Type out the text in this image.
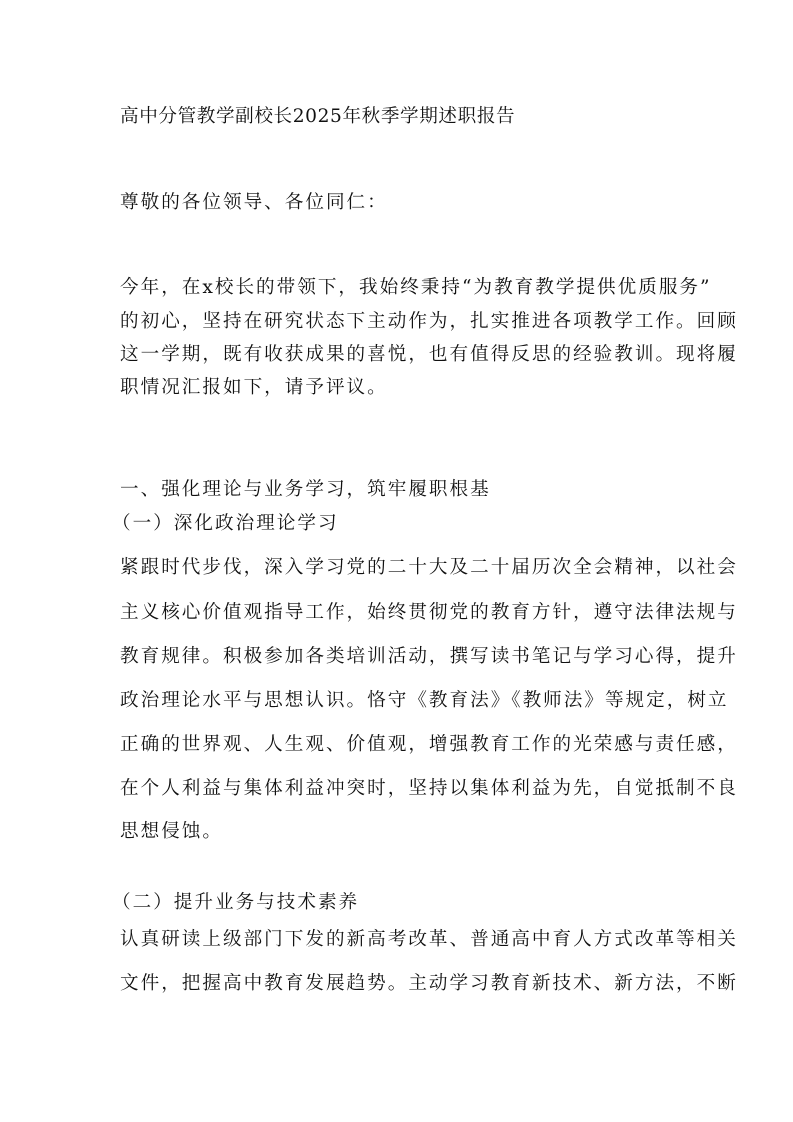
高中分管教学副校长2025年秋季学期述职报告
尊敬的各位领导、各位同仁：
今年，在x校长的带领下，我始终秉持“为教育教学提供优质服务”
的初心，坚持在研究状态下主动作为，扎实推进各项教学工作。回顾
这一学期，既有收获成果的喜悦，也有值得反思的经验教训。现将履
职情况汇报如下，请予评议。
一、强化理论与业务学习，筑牢履职根基
（一）深化政治理论学习
紧跟时代步伐，深入学习党的二十大及二十届历次全会精神，以社会
主义核心价值观指导工作，始终贯彻党的教育方针，遵守法律法规与
教育规律。积极参加各类培训活动，撰写读书笔记与学习心得，提升
政治理论水平与思想认识。恪守《教育法》《教师法》等规定，树立
正确的世界观、人生观、价值观，增强教育工作的光荣感与责任感，
在个人利益与集体利益冲突时，坚持以集体利益为先，自觉抵制不良
思想侵蚀。
（二）提升业务与技术素养
认真研读上级部门下发的新高考改革、普通高中育人方式改革等相关
文件，把握高中教育发展趋势。主动学习教育新技术、新方法，不断
